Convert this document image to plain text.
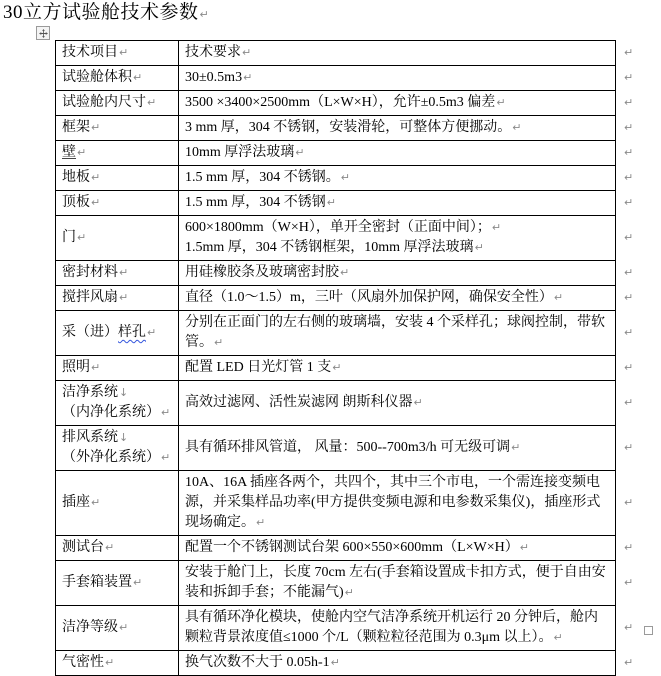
30立方试验舱技术参数↵
技术项目↵	技术要求↵	↵

试验舱体积↵	30±0.5m3↵	↵

试验舱内尺寸↵	3500 ×3400×2500mm（L×W×H），允许±0.5m3 偏差↵	↵

框架↵	3 mm 厚，304 不锈钢，安装滑轮，可整体方便挪动。↵	↵

壁↵	10mm 厚浮法玻璃↵	↵

地板↵	1.5 mm 厚，304 不锈钢。↵	↵

顶板↵	1.5 mm 厚，304 不锈钢↵	↵

门↵	600×1800mm（W×H），单开全密封（正面中间）；↵
1.5mm 厚，304 不锈钢框架，10mm 厚浮法玻璃↵	↵

密封材料↵	用硅橡胶条及玻璃密封胶↵	↵

搅拌风扇↵	直径（1.0～1.5）m，三叶（风扇外加保护网，确保安全性）↵	↵

采（进）样孔↵	分别在正面门的左右侧的玻璃墙，安装 4 个采样孔；球阀控制，带软管。↵	↵

照明↵	配置 LED 日光灯管 1 支↵	↵

洁净系统↓
（内净化系统）↵	高效过滤网、活性炭滤网 朗斯科仪器↵	↵

排风系统↓
（外净化系统）↵	具有循环排风管道， 风量：500--700m3/h 可无级可调↵	↵

插座↵	10A、16A 插座各两个，共四个，其中三个市电，一个需连接变频电源，并采集样品功率(甲方提供变频电源和电参数采集仪)，插座形式现场确定。↵	↵

测试台↵	配置一个不锈钢测试台架 600×550×600mm（L×W×H）↵	↵

手套箱装置↵	安装于舱门上，长度 70cm 左右(手套箱设置成卡扣方式，便于自由安装和拆卸手套；不能漏气)↵	↵

洁净等级↵	具有循环净化模块，使舱内空气洁净系统开机运行 20 分钟后，舱内颗粒背景浓度值≤1000 个/L（颗粒粒径范围为 0.3μm 以上）。↵	↵

气密性↵	换气次数不大于 0.05h-1↵	↵
